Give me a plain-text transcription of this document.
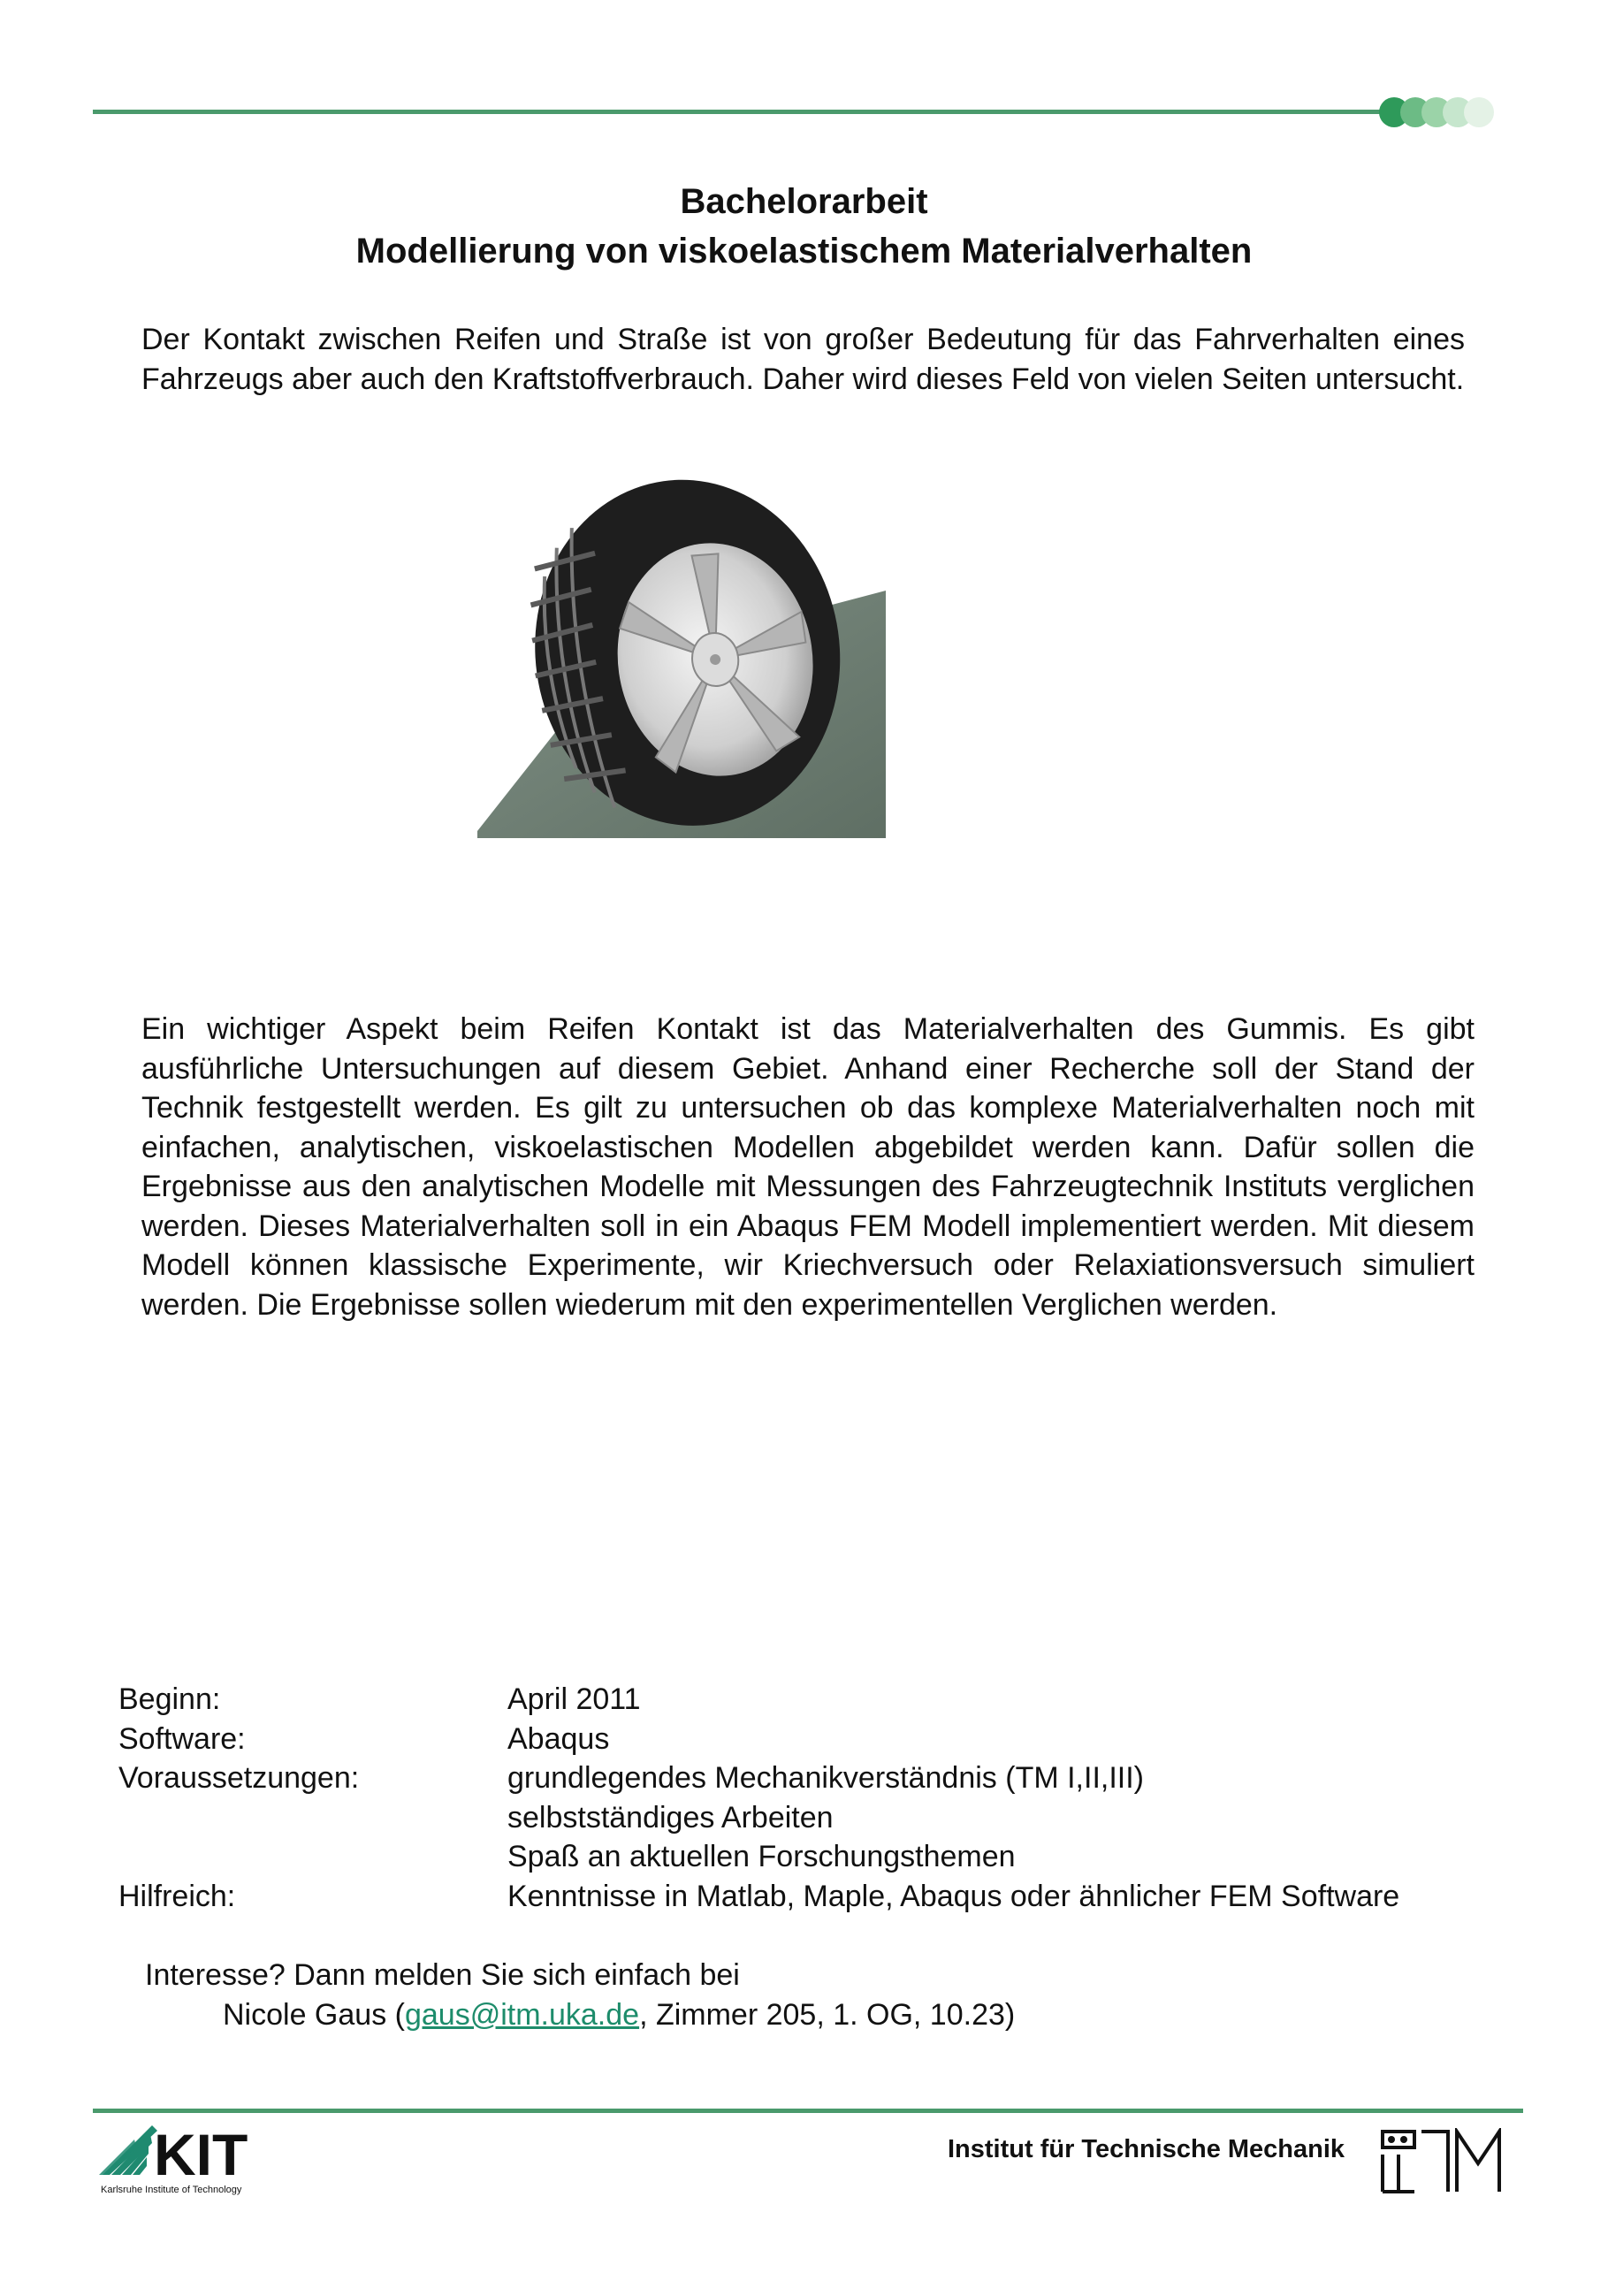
Bachelorarbeit
Modellierung von viskoelastischem Materialverhalten
Der Kontakt zwischen Reifen und Straße ist von großer Bedeutung für das Fahrverhalten eines Fahrzeugs aber auch den Kraftstoffverbrauch. Daher wird dieses Feld von vielen Seiten untersucht.
Ein wichtiger Aspekt beim Reifen Kontakt ist das Materialverhalten des Gummis. Es gibt ausführliche Untersuchungen auf diesem Gebiet. Anhand einer Recherche soll der Stand der Technik festgestellt werden. Es gilt zu untersuchen ob das komplexe Materialverhalten noch mit einfachen, analytischen, viskoelastischen Modellen abgebildet werden kann. Dafür sollen die Ergebnisse aus den analytischen Modelle mit Messungen des Fahrzeugtechnik Instituts verglichen werden. Dieses Materialverhalten soll in ein Abaqus FEM Modell implementiert werden. Mit diesem Modell können klassische Experimente, wir Kriechversuch oder Relaxiationsversuch simuliert werden. Die Ergebnisse sollen wiederum mit den experimentellen Verglichen werden.
Beginn:	April 2011
Software:	Abaqus
Voraussetzungen:	grundlegendes Mechanikverständnis (TM I,II,III)
selbstständiges Arbeiten
Spaß an aktuellen Forschungsthemen
Hilfreich:	Kenntnisse in Matlab, Maple, Abaqus oder ähnlicher FEM Software
Interesse? Dann melden Sie sich einfach bei
Nicole Gaus (gaus@itm.uka.de, Zimmer 205, 1. OG, 10.23)
KIT
Karlsruhe Institute of Technology
Institut für Technische Mechanik
